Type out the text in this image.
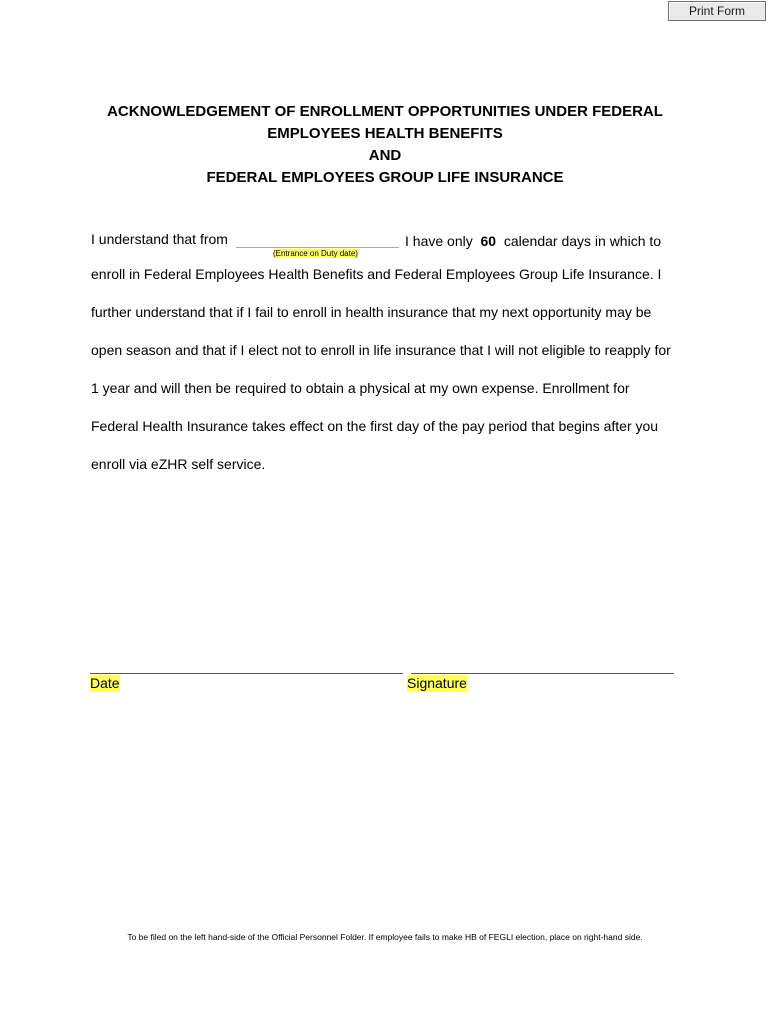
Print Form
ACKNOWLEDGEMENT OF ENROLLMENT OPPORTUNITIES UNDER FEDERAL
EMPLOYEES HEALTH BENEFITS
AND
FEDERAL EMPLOYEES GROUP LIFE INSURANCE
I understand that from
(Entrance on Duty date)
I have only 60 calendar days in which to
enroll in Federal Employees Health Benefits and Federal Employees Group Life Insurance. I
further understand that if I fail to enroll in health insurance that my next opportunity may be
open season and that if I elect not to enroll in life insurance that I will not eligible to reapply for
1 year and will then be required to obtain a physical at my own expense. Enrollment for
Federal Health Insurance takes effect on the first day of the pay period that begins after you
enroll via eZHR self service.
Date	Signature
To be filed on the left hand-side of the Official Personnel Folder. If employee fails to make HB of FEGLI election, place on right-hand side.
